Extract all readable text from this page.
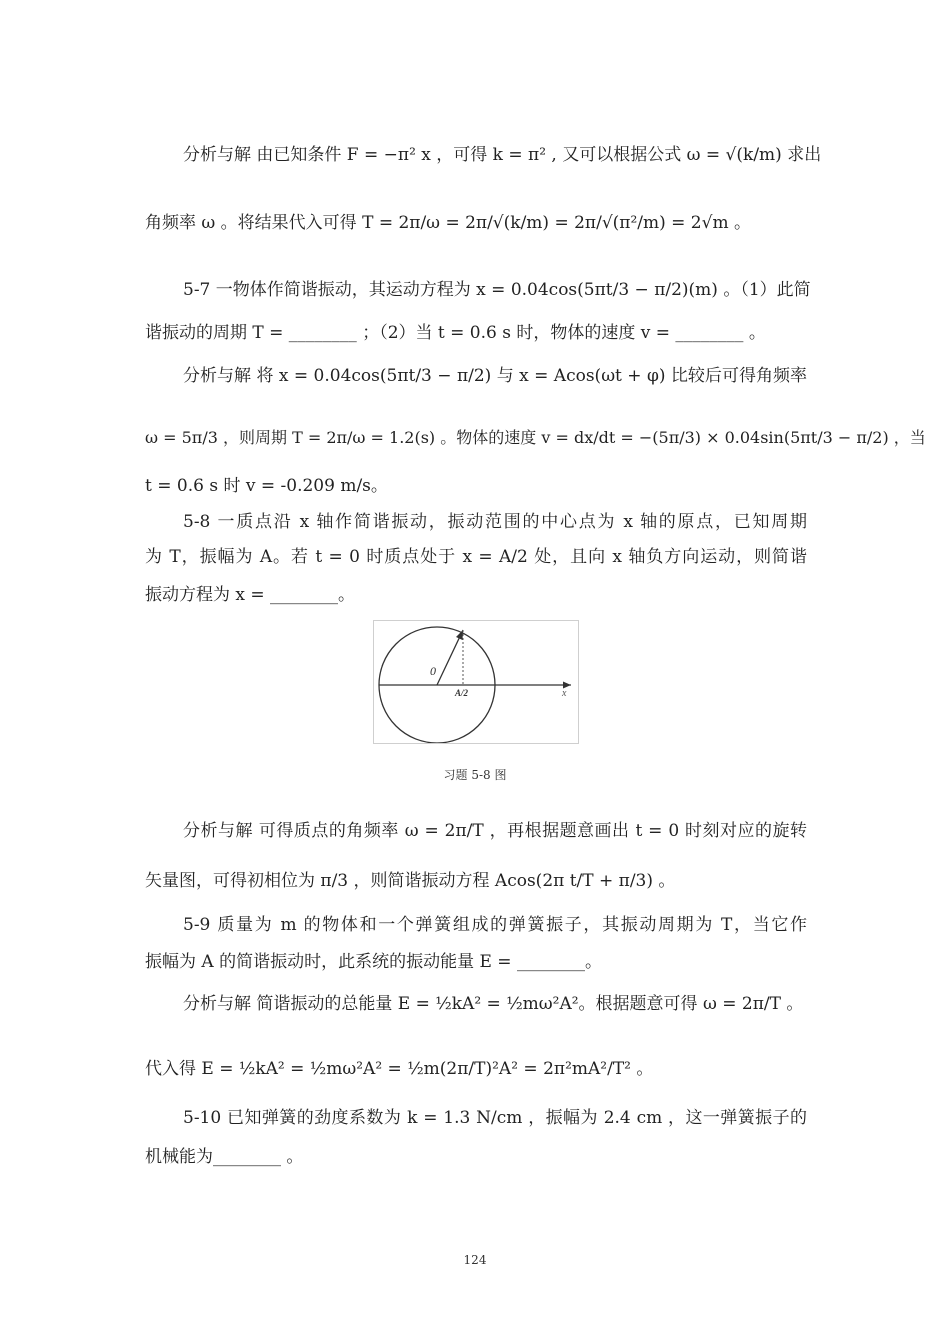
分析与解 由已知条件 F = −π² x ，可得 k = π² , 又可以根据公式 ω = √(k/m) 求出
角频率 ω 。将结果代入可得 T = 2π/ω = 2π/√(k/m) = 2π/√(π²/m) = 2√m 。
5-7 一物体作简谐振动，其运动方程为 x = 0.04cos(5πt/3 − π/2)(m) 。（1）此简
谐振动的周期 T = ________ ；（2）当 t = 0.6 s 时，物体的速度 v = ________ 。
分析与解 将 x = 0.04cos(5πt/3 − π/2) 与 x = Acos(ωt + φ) 比较后可得角频率
ω = 5π/3 ，则周期 T = 2π/ω = 1.2(s) 。物体的速度 v = dx/dt = −(5π/3) × 0.04sin(5πt/3 − π/2) ，当
t = 0.6 s 时 v = -0.209 m/s。
5-8 一质点沿 x 轴作简谐振动，振动范围的中心点为 x 轴的原点，已知周期
为 T，振幅为 A。若 t = 0 时质点处于 x = A/2 处，且向 x 轴负方向运动，则简谐
振动方程为 x = ________。
0
A/2	x
习题 5-8 图
分析与解 可得质点的角频率 ω = 2π/T ，再根据题意画出 t = 0 时刻对应的旋转
矢量图，可得初相位为 π/3 ，则简谐振动方程 Acos(2π t/T + π/3) 。
5-9 质量为 m 的物体和一个弹簧组成的弹簧振子，其振动周期为 T，当它作
振幅为 A 的简谐振动时，此系统的振动能量 E = ________。
分析与解 简谐振动的总能量 E = ½kA² = ½mω²A²。根据题意可得 ω = 2π/T 。
代入得 E = ½kA² = ½mω²A² = ½m(2π/T)²A² = 2π²mA²/T² 。
5-10 已知弹簧的劲度系数为 k = 1.3 N/cm ，振幅为 2.4 cm ，这一弹簧振子的
机械能为________ 。
124
